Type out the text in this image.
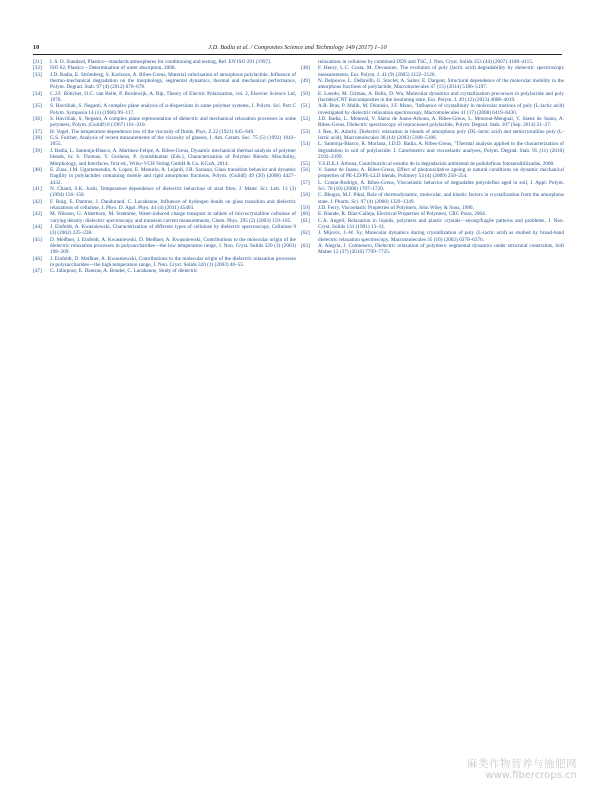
10	J.D. Badia et al. / Composites Science and Technology 149 (2017) 1–10
[31] I. S. O. Standard, Plastics—standards atmospheres for conditioning and testing, Ref. EN ISO 291 (1997).
[32] ISO 62, Plastics – Determination of water absorption, 2008.
[33] J.D. Badia, E. Strömberg, S. Karlsson, A. Ribes-Greus, Material valorisation of amorphous polylactide. Influence of thermo-mechanical degradation on the morphology, segmental dynamics, thermal and mechanical performance, Polym. Degrad. Stab. 97 (4) (2012) 670–678.
[34] C.J.F. Böttcher, O.C. van Belle, P. Bordewijk, A. Rip, Theory of Electric Polarization, vol. 2, Elsevier Science Ltd, 1978.
[35] S. Havriliak, S. Negami, A complex plane analysis of α-dispersions in some polymer systems, J. Polym. Sci. Part C Polym. Symposia 14 (1) (1966) 99–117.
[36] S. Havriliak, S. Negami, A complex plane representation of dielectric and mechanical relaxation processes in some polymers, Polym. (Guildf) 8 (1967) 161–210.
[37] H. Vogel, The temperature dependence law of the viscosity of fluids, Phys. Z 22 (1921) 645–646.
[38] G.S. Fulcher, Analysis of recent measurements of the viscosity of glasses, J. Am. Ceram. Soc. 75 (5) (1992) 1043–1055.
[39] J. Badia, L. Santonja-Blasco, A. Martínez-Felipe, A. Ribes-Greus, Dynamic mechanical thermal analysis of polymer blends, in: S. Thomas, Y. Grohens, P. Jyotishkumar (Eds.), Characterization of Polymer Blends: Miscibility, Morphology, and Interfaces, first ed., Wiley-VCH Verlag GmbH & Co. KGaA, 2014.
[40] E. Zuza, J.M. Ugartemendia, A. Lopez, E. Meaurio, A. Lejardi, J.R. Sarasua, Glass transition behavior and dynamic fragility in polylactides containing mobile and rigid amorphous fractions, Polym. (Guildf) 49 (20) (2008) 4427–4432.
[41] N. Chand, S.K. Joshi, Temperature dependence of dielectric behaviour of sisal fibre, J. Mater. Sci. Lett. 13 (3) (1994) 156–158.
[42] F. Roig, E. Dantras, J. Dandurand, C. Lacabanne, Influence of hydrogen bonds on glass transition and dielectric relaxations of cellulose, J. Phys. D. Appl. Phys. 44 (4) (2011) 45403.
[43] M. Nilsson, G. Alderborn, M. Strømme, Water-induced charge transport in tablets of microcrystalline cellulose of varying density: dielectric spectroscopy and transient current measurements, Chem. Phys. 295 (2) (2003) 159–165.
[44] J. Einfeldt, A. Kwasniewski, Characterization of different types of cellulose by dielectric spectroscopy, Cellulose 9 (3) (2002) 225–238.
[45] D. Meißner, J. Einfeldt, A. Kwasniewski, D. Meißner, A. Kwasniewski, Contributions to the molecular origin of the dielectric relaxation processes in polysaccharides—the low temperature range, J. Non. Cryst. Solids 320 (3) (2003) 198–209.
[46] J. Einfeldt, D. Meißner, A. Kwasniewski, Contributions to the molecular origin of the dielectric relaxation processes in polysaccharides—the high temperature range, J. Non. Cryst. Solids 320 (1) (2003) 40–55.
[47] G. Jafarpour, E. Dantras, A. Boudet, C. Lacabanne, Study of dielectric
relaxations in cellulose by combined DDS and TSC, J. Non. Cryst. Solids 353 (44) (2007) 4108–4115.
[48] F. Henry, L.C. Costa, M. Devassine, The evolution of poly (lactic acid) degradability by dielectric spectroscopy measurements, Eur. Polym. J. 41 (9) (2005) 2122–2126.
[49] N. Delpouve, L. Delbreilh, G. Stoclet, A. Saiter, E. Dargent, Structural dependence of the molecular mobility in the amorphous fractions of polylactide, Macromolecules 47 (15) (2014) 5186–5197.
[50] E. Laredo, M. Grimau, A. Bello, D. Wu, Molecular dynamics and crystallization precursors in polylactide and poly (lactide)/CNT biocomposites in the insulating state, Eur. Polym. J. 49 (12) (2013) 4008–4019.
[51] A.R. Bras, P. Malik, M. Dionisio, J.F. Mano, "Influence of crystallinity in molecular motions of poly (L-lactic acid) investigated by dielectric relaxation spectroscopy, Macromolecules 41 (17) (2008) 6419–6430.
[52] J.D. Badia, L. Monreal, V. Sáenz de Juano-Arbona, A. Ribes-Greus, L. Monreal-Mengual, V. Sáenz de Juano, A. Ribes-Greus, Dielectric spectroscopy of reprocessed polylactide, Polym. Degrad. Stab. 107 (Sep. 2014) 21–27.
[53] J. Ren, K. Adachi, Dielectric relaxation in blends of amorphous poly (DL-lactic acid) and semicrystalline poly (L-lactic acid), Macromolecules 36 (14) (2003) 5180–5186.
[54] L. Santonja-Blasco, R. Moriana, J.D.D. Badia, A. Ribes-Greus, "Thermal analysis applied to the characterization of degradation in soil of polylactide: I. Calorimetric and viscoelastic analyses, Polym. Degrad. Stab. 95 (11) (2010) 2192–2199.
[55] V.S.D.E.J. Arbona, Contribución al estudio de la degradación ambiental de poliolefinas fotosensibilizadas, 2008.
[56] V. Saenz de Juano, A. Ribes-Greus, Effect of photooxidative ageing at natural conditions on dynamic mechanical properties of PE-LD/PE-LLD blends, Polimery 54 (4) (2009) 250–254.
[57] L. Contat-Rodrigo, A. Ribes-Greus, Viscoelastic behavior of degradable polyolefins aged in soil, J. Appl. Polym. Sci. 78 (10) (2000) 1707–1720.
[58] C. Bhugra, M.J. Pikal, Role of thermodynamic, molecular, and kinetic factors in crystallization from the amorphous state, J. Pharm. Sci. 97 (4) (2008) 1329–1349.
[59] J.D. Ferry, Viscoelastic Properties of Polymers, John Wiley & Sons, 1980.
[60] E. Riande, R. Díaz-Calleja, Electrical Properties of Polymers, CRC Press, 2004.
[61] C.A. Angell, Relaxation in liquids, polymers and plastic crystals—strong/fragile patterns and problems, J. Non. Cryst. Solids 131 (1991) 13–31.
[62] J. Mijovic, J.-W. Sy, Molecular dynamics during crystallization of poly (L-lactic acid) as studied by broad-band dielectric relaxation spectroscopy, Macromolecules 35 (16) (2002) 6370–6376.
[63] A. Alegria, J. Colmenero, Dielectric relaxation of polymers: segmental dynamics under structural constraints, Soft Matter 12 (37) (2016) 7709–7725.
麻类作物营养与施肥网
www.fibercrops.cn
